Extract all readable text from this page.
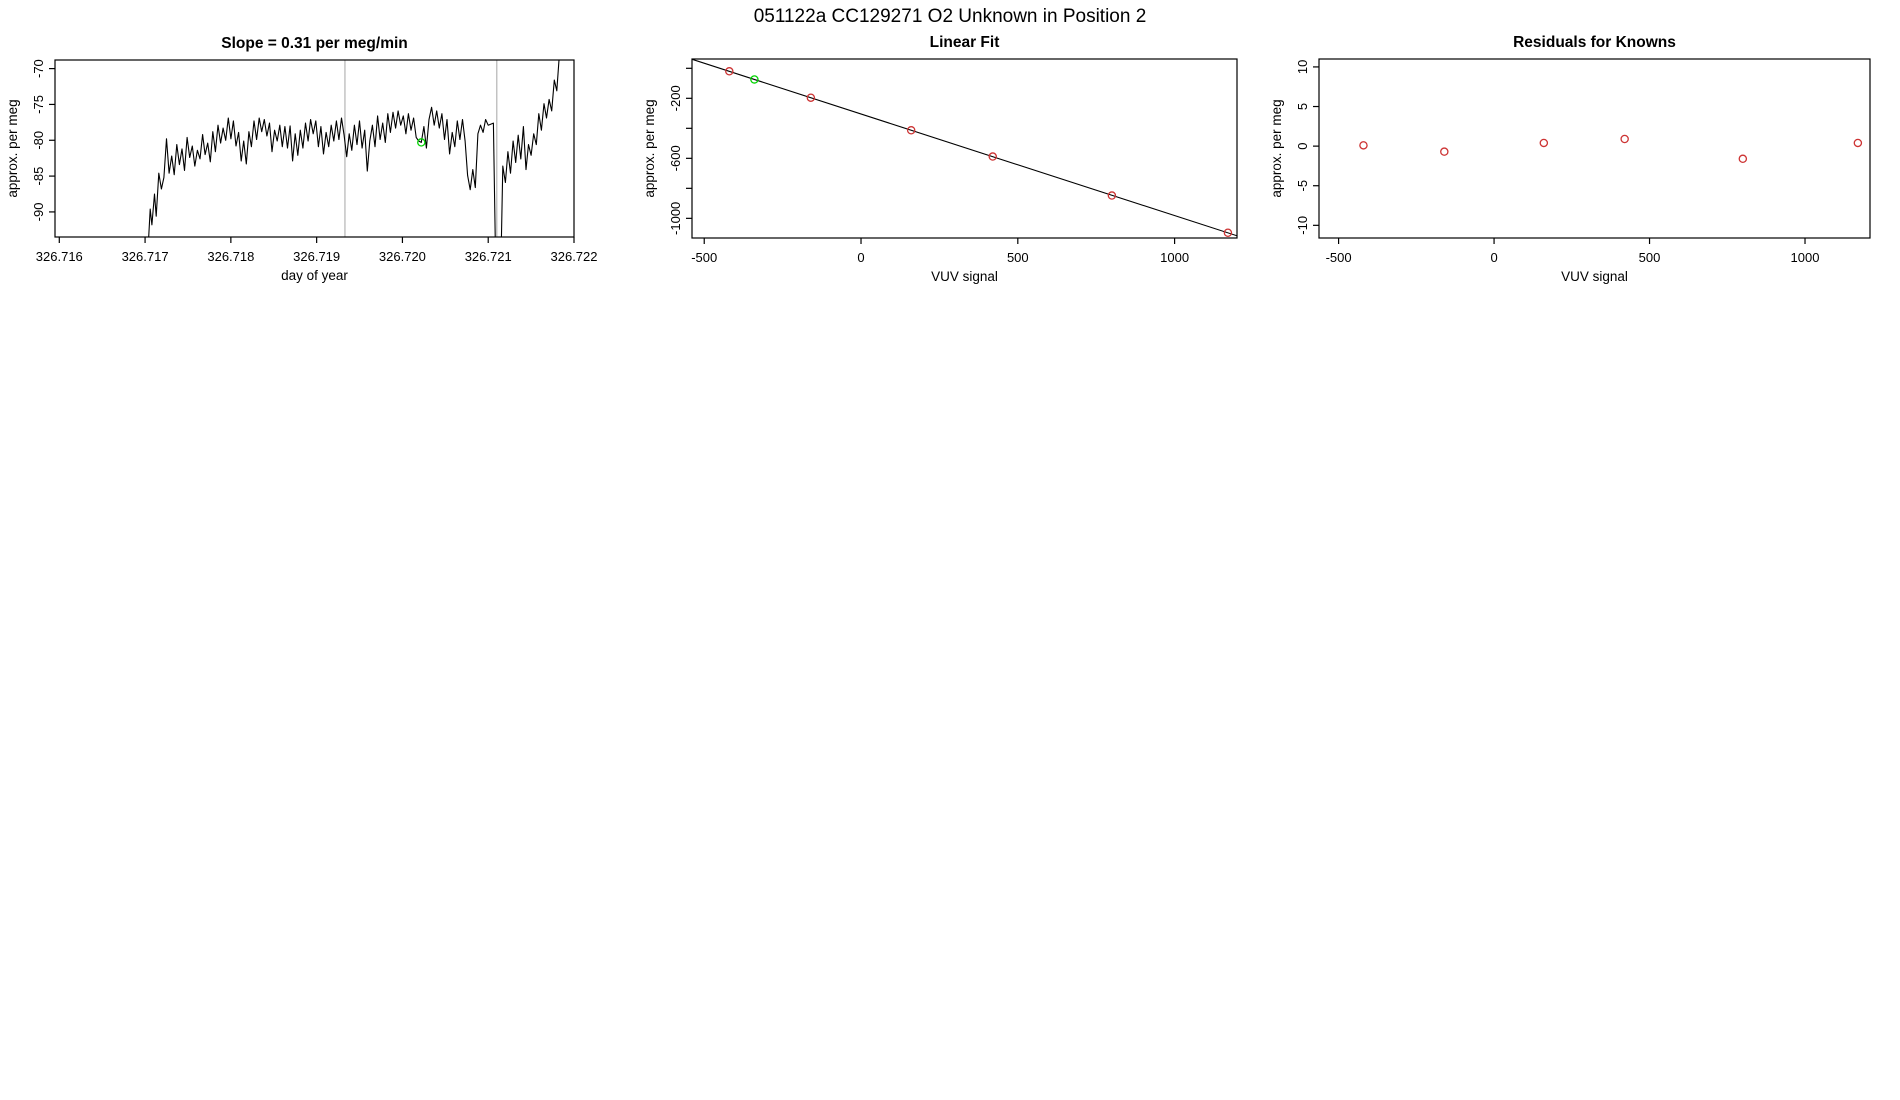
051122a CC129271 O2 Unknown in Position 2
326.716	326.717	326.718	326.719	326.720	326.721	326.722
-90
-85
-80
-75
-70
Slope = 0.31 per meg/min
day of year
approx. per meg
-500	0	500	1000
-200
-600
-1000
Linear Fit
VUV signal
approx. per meg
-500	0	500	1000
-10
-5
0
5
10
Residuals for Knowns
VUV signal
approx. per meg
